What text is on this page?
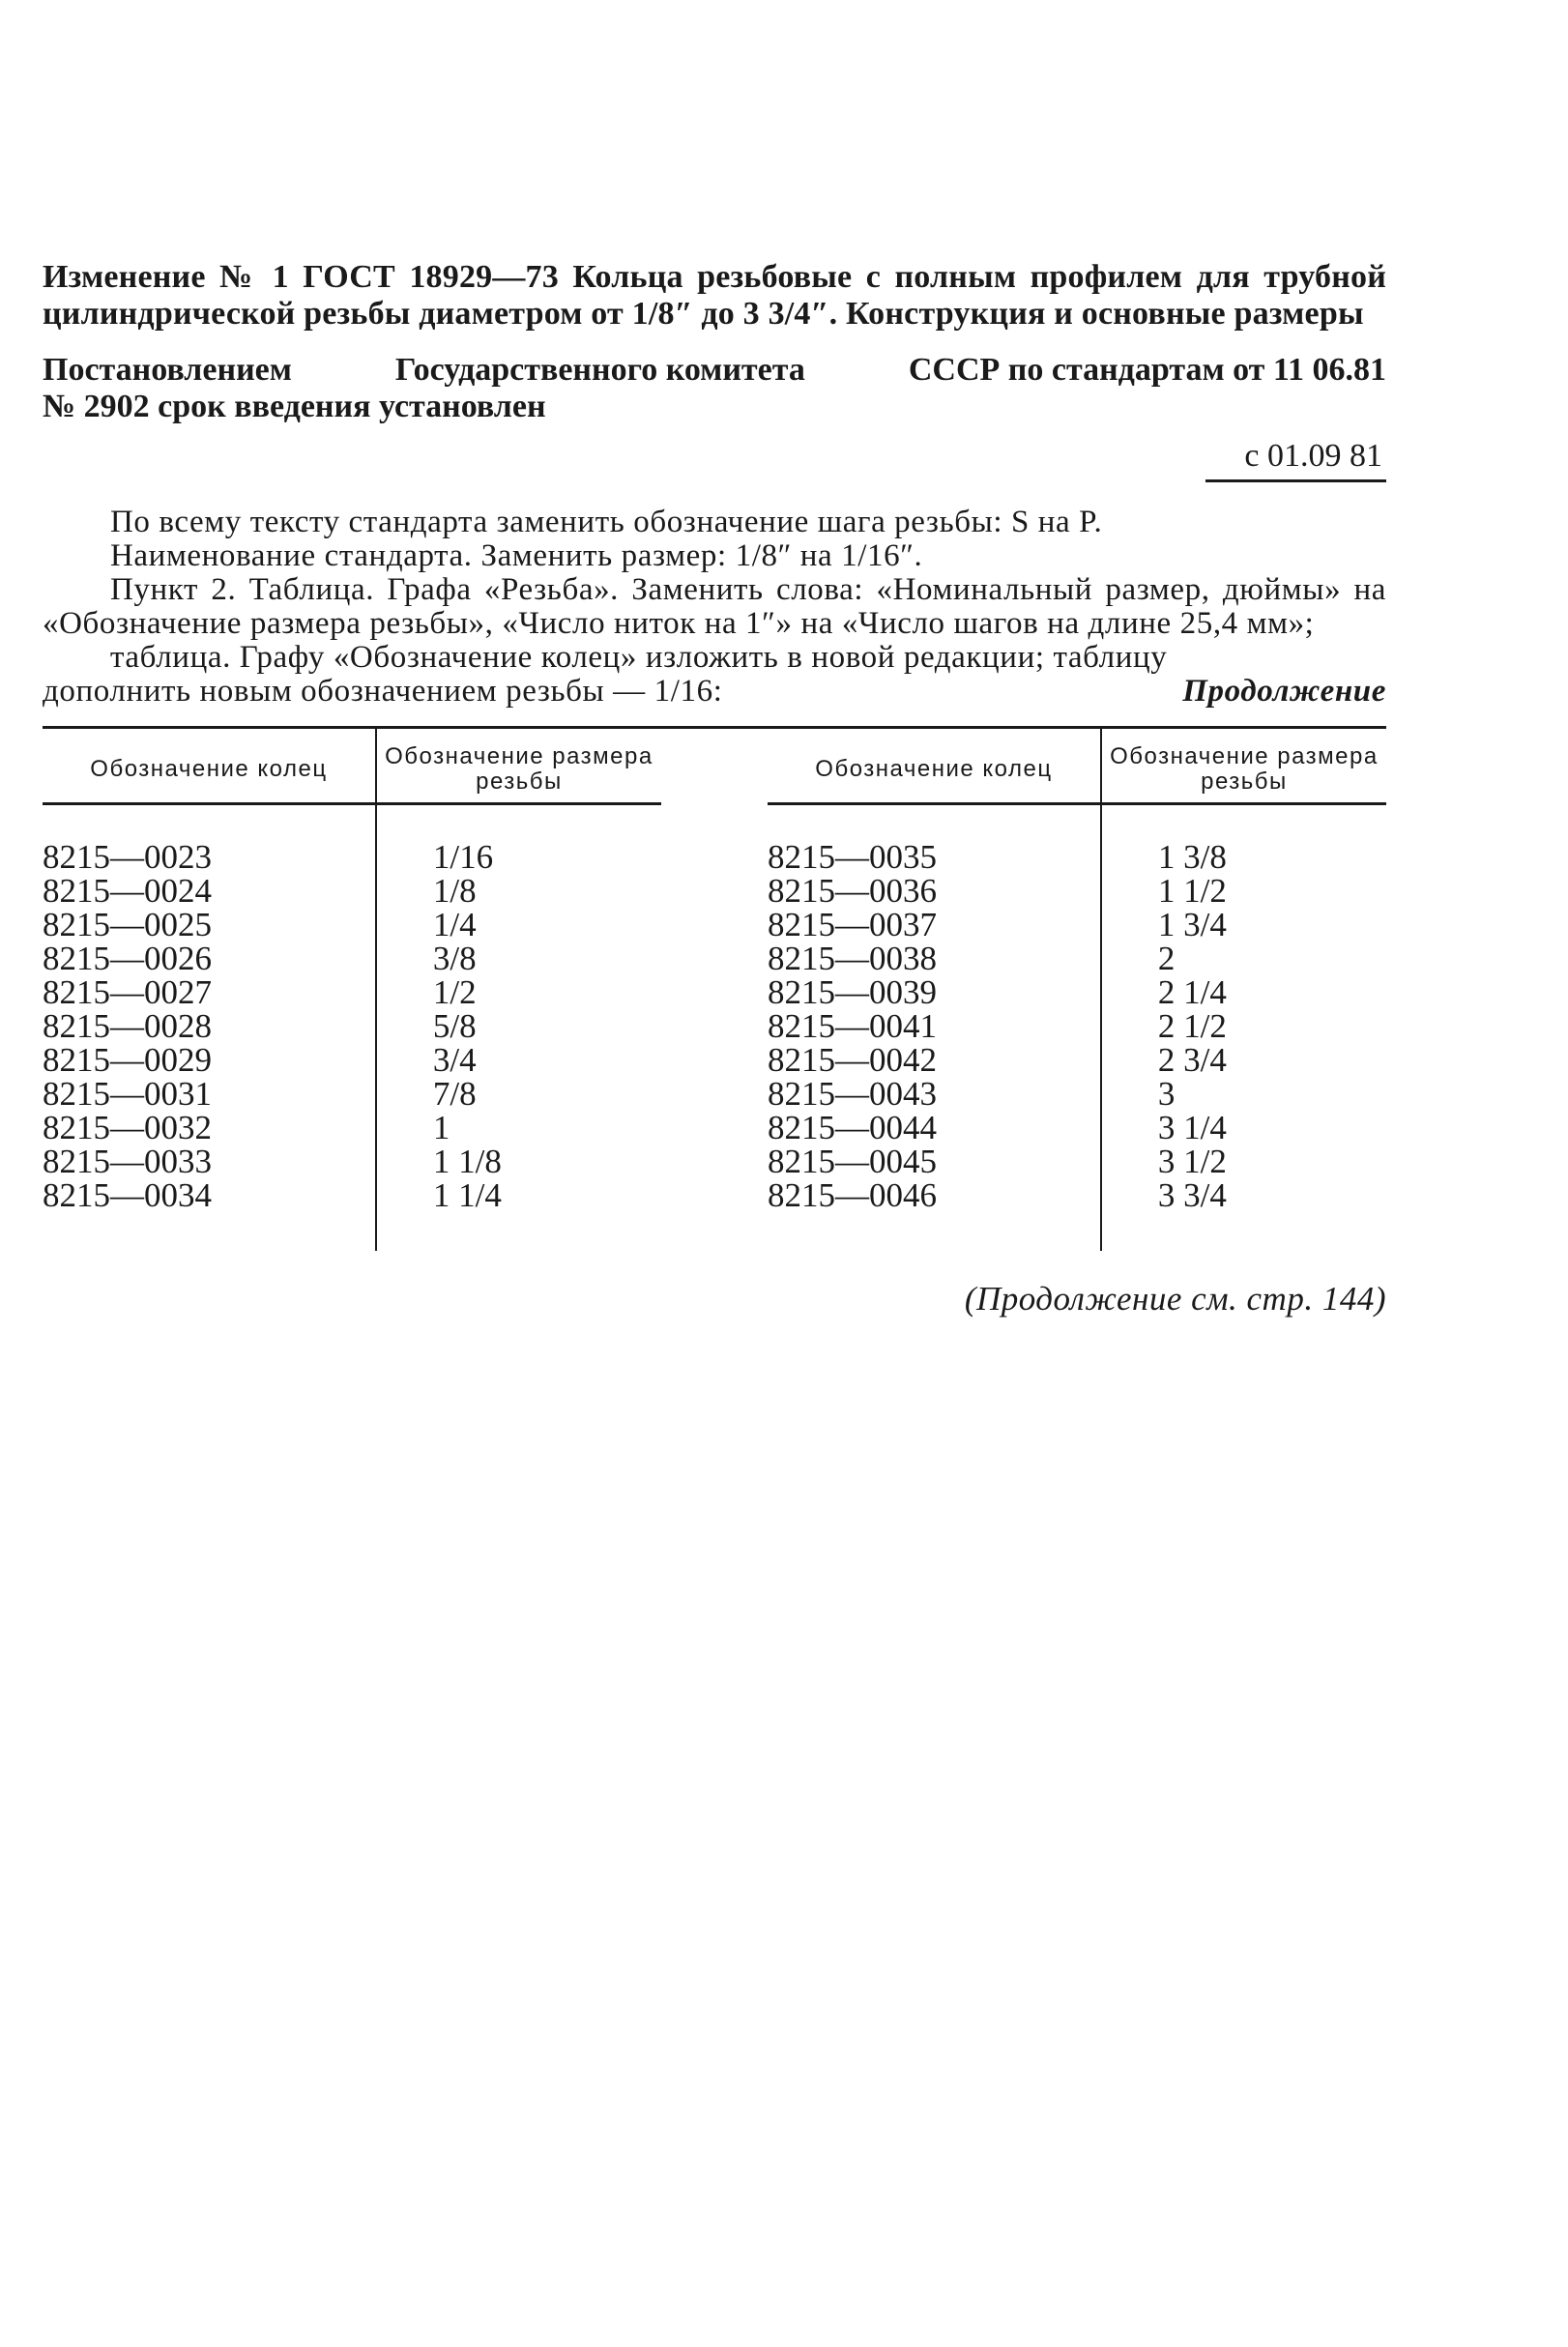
Изменение № 1 ГОСТ 18929—73 Кольца резьбовые с полным профилем для трубной цилиндрической резьбы диаметром от 1/8″ до 3 3/4″. Конструкция и основные размеры

Постановлением	Государственного комитета	СССР по стандартам от 11 06.81
№ 2902 срок введения установлен
с 01.09 81

По всему тексту стандарта заменить обозначение шага резьбы: S на P.

Наименование стандарта. Заменить размер: 1/8″ на 1/16″.

Пункт 2. Таблица. Графа «Резьба». Заменить слова: «Номинальный размер, дюймы» на «Обозначение размера резьбы», «Число ниток на 1″» на «Число шагов на длине 25,4 мм»;

таблица. Графу «Обозначение колец» изложить в новой редакции; таблицу

дополнить новым обозначением резьбы — 1/16:	Продолжение
Обозначение колец	Обозначение размера резьбы

8215—0023	1/16
8215—0024	1/8
8215—0025	1/4
8215—0026	3/8
8215—0027	1/2
8215—0028	5/8
8215—0029	3/4
8215—0031	7/8
8215—0032	1
8215—0033	1 1/8
8215—0034	1 1/4

Обозначение колец	Обозначение размера резьбы

8215—0035	1 3/8
8215—0036	1 1/2
8215—0037	1 3/4
8215—0038	2
8215—0039	2 1/4
8215—0041	2 1/2
8215—0042	2 3/4
8215—0043	3
8215—0044	3 1/4
8215—0045	3 1/2
8215—0046	3 3/4

(Продолжение см. стр. 144)
